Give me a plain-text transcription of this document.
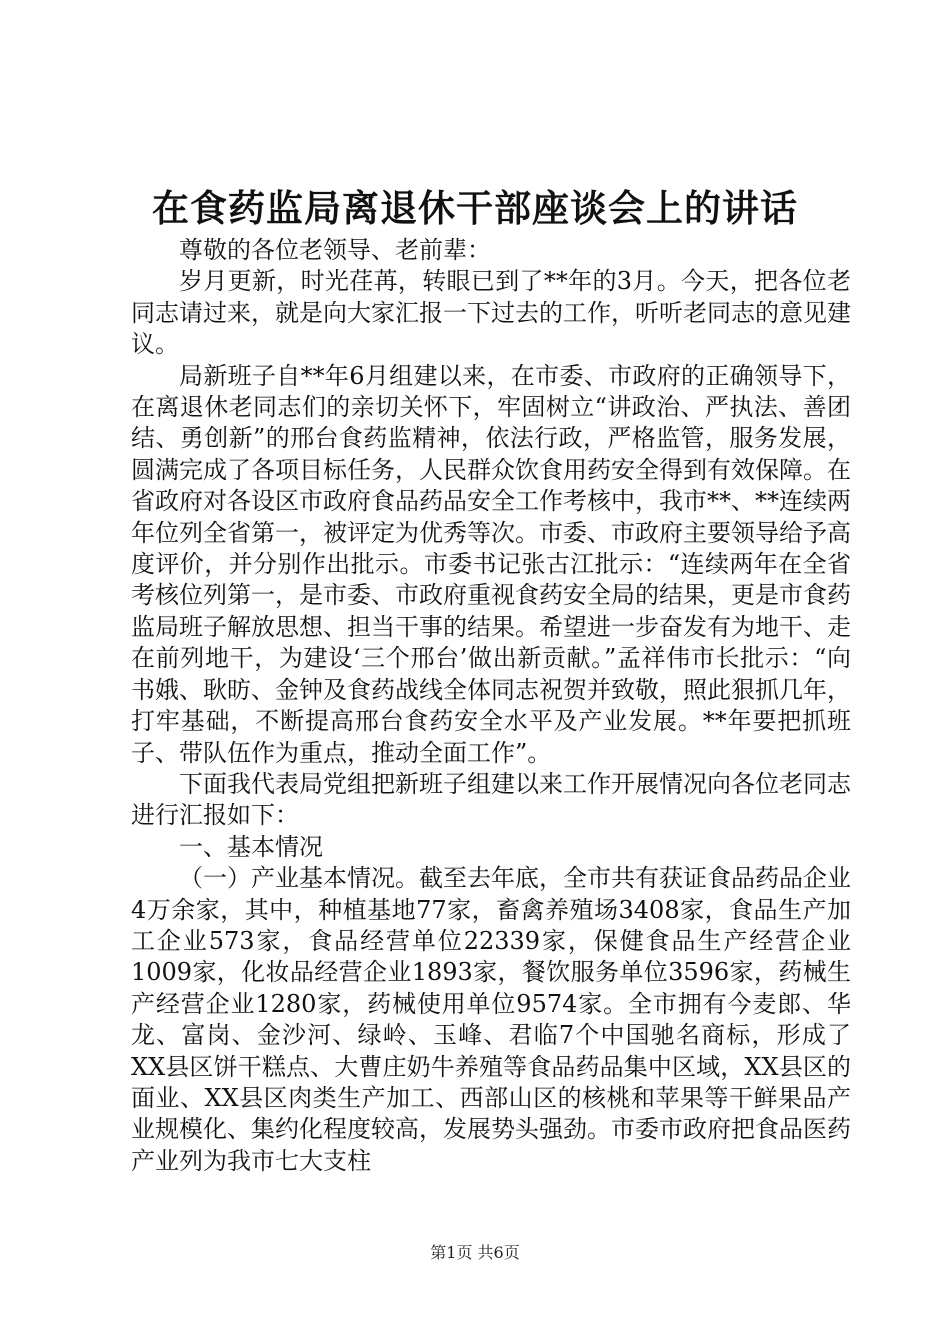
在食药监局离退休干部座谈会上的讲话

尊敬的各位老领导、老前辈：

岁月更新，时光荏苒，转眼已到了**年的3月。今天，把各位老同志请过来，就是向大家汇报一下过去的工作，听听老同志的意见建议。

局新班子自**年6月组建以来，在市委、市政府的正确领导下，在离退休老同志们的亲切关怀下，牢固树立“讲政治、严执法、善团结、勇创新”的邢台食药监精神，依法行政，严格监管，服务发展，圆满完成了各项目标任务，人民群众饮食用药安全得到有效保障。在省政府对各设区市政府食品药品安全工作考核中，我市**、**连续两年位列全省第一，被评定为优秀等次。市委、市政府主要领导给予高度评价，并分别作出批示。市委书记张古江批示：“连续两年在全省考核位列第一，是市委、市政府重视食药安全局的结果，更是市食药监局班子解放思想、担当干事的结果。希望进一步奋发有为地干、走在前列地干，为建设‘三个邢台’做出新贡献。”孟祥伟市长批示：“向书娥、耿昉、金钟及食药战线全体同志祝贺并致敬，照此狠抓几年，打牢基础，不断提高邢台食药安全水平及产业发展。**年要把抓班子、带队伍作为重点，推动全面工作”。

下面我代表局党组把新班子组建以来工作开展情况向各位老同志进行汇报如下：

一、基本情况

（一）产业基本情况。截至去年底，全市共有获证食品药品企业4万余家，其中，种植基地77家，畜禽养殖场3408家，食品生产加工企业573家，食品经营单位22339家，保健食品生产经营企业1009家，化妆品经营企业1893家，餐饮服务单位3596家，药械生产经营企业1280家，药械使用单位9574家。全市拥有今麦郎、华龙、富岗、金沙河、绿岭、玉峰、君临7个中国驰名商标，形成了XX县区饼干糕点、大曹庄奶牛养殖等食品药品集中区域，XX县区的面业、XX县区肉类生产加工、西部山区的核桃和苹果等干鲜果品产业规模化、集约化程度较高，发展势头强劲。市委市政府把食品医药产业列为我市七大支柱

第1页 共6页
